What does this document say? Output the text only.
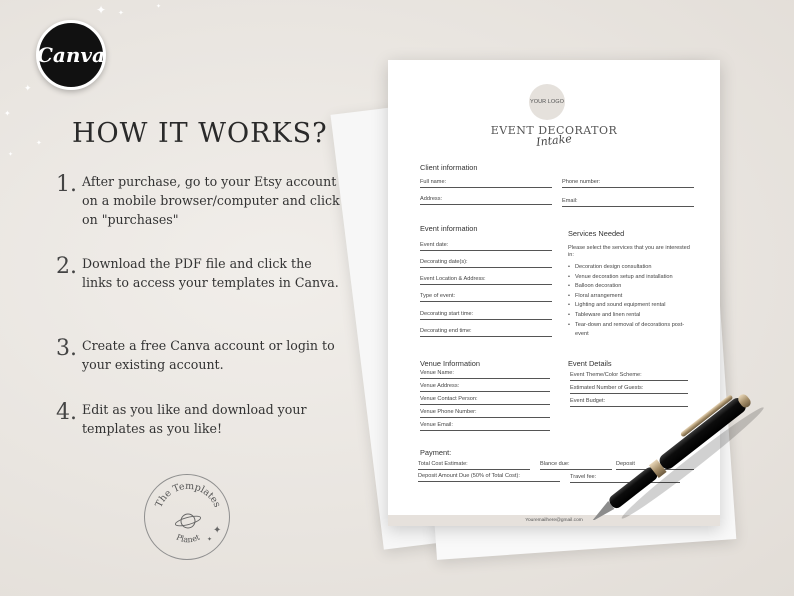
Canva
✦ ✦
✦
✦
✦
✦
✦
HOW IT WORKS?
1. After purchase, go to your Etsy account on a mobile browser/computer and click on "purchases"
2. Download the PDF file and click the links to access your templates in Canva.
3. Create a free Canva account or login to your existing account.
4. Edit as you like and download your templates as you like!
The Templates
Planet
✦
✦
YOUR LOGO
EVENT DECORATOR
Intake
Client information
Full name:	Phone number:
Address:	Email:
Event information
Event date:
Decorating date(s):
Event Location & Address:
Type of event:
Decorating start time:
Decorating end time:
Services Needed
Please select the services that you are interested in:
• Decoration design consultation
• Venue decoration setup and installation
• Balloon decoration
• Floral arrangement
• Lighting and sound equipment rental
• Tableware and linen rental
• Tear-down and removal of decorations post-event
Venue Information
Venue Name:
Venue Address:
Venue Contact Person:
Venue Phone Number:
Venue Email:
Event Details
Event Theme/Color Scheme:
Estimated Number of Guests:
Event Budget:
Payment:
Total Cost Estimate:	Blance due:	Deposit
Deposit Amount Due (50% of Total Cost):	Travel fee:
Youremailhere@gmail.com
